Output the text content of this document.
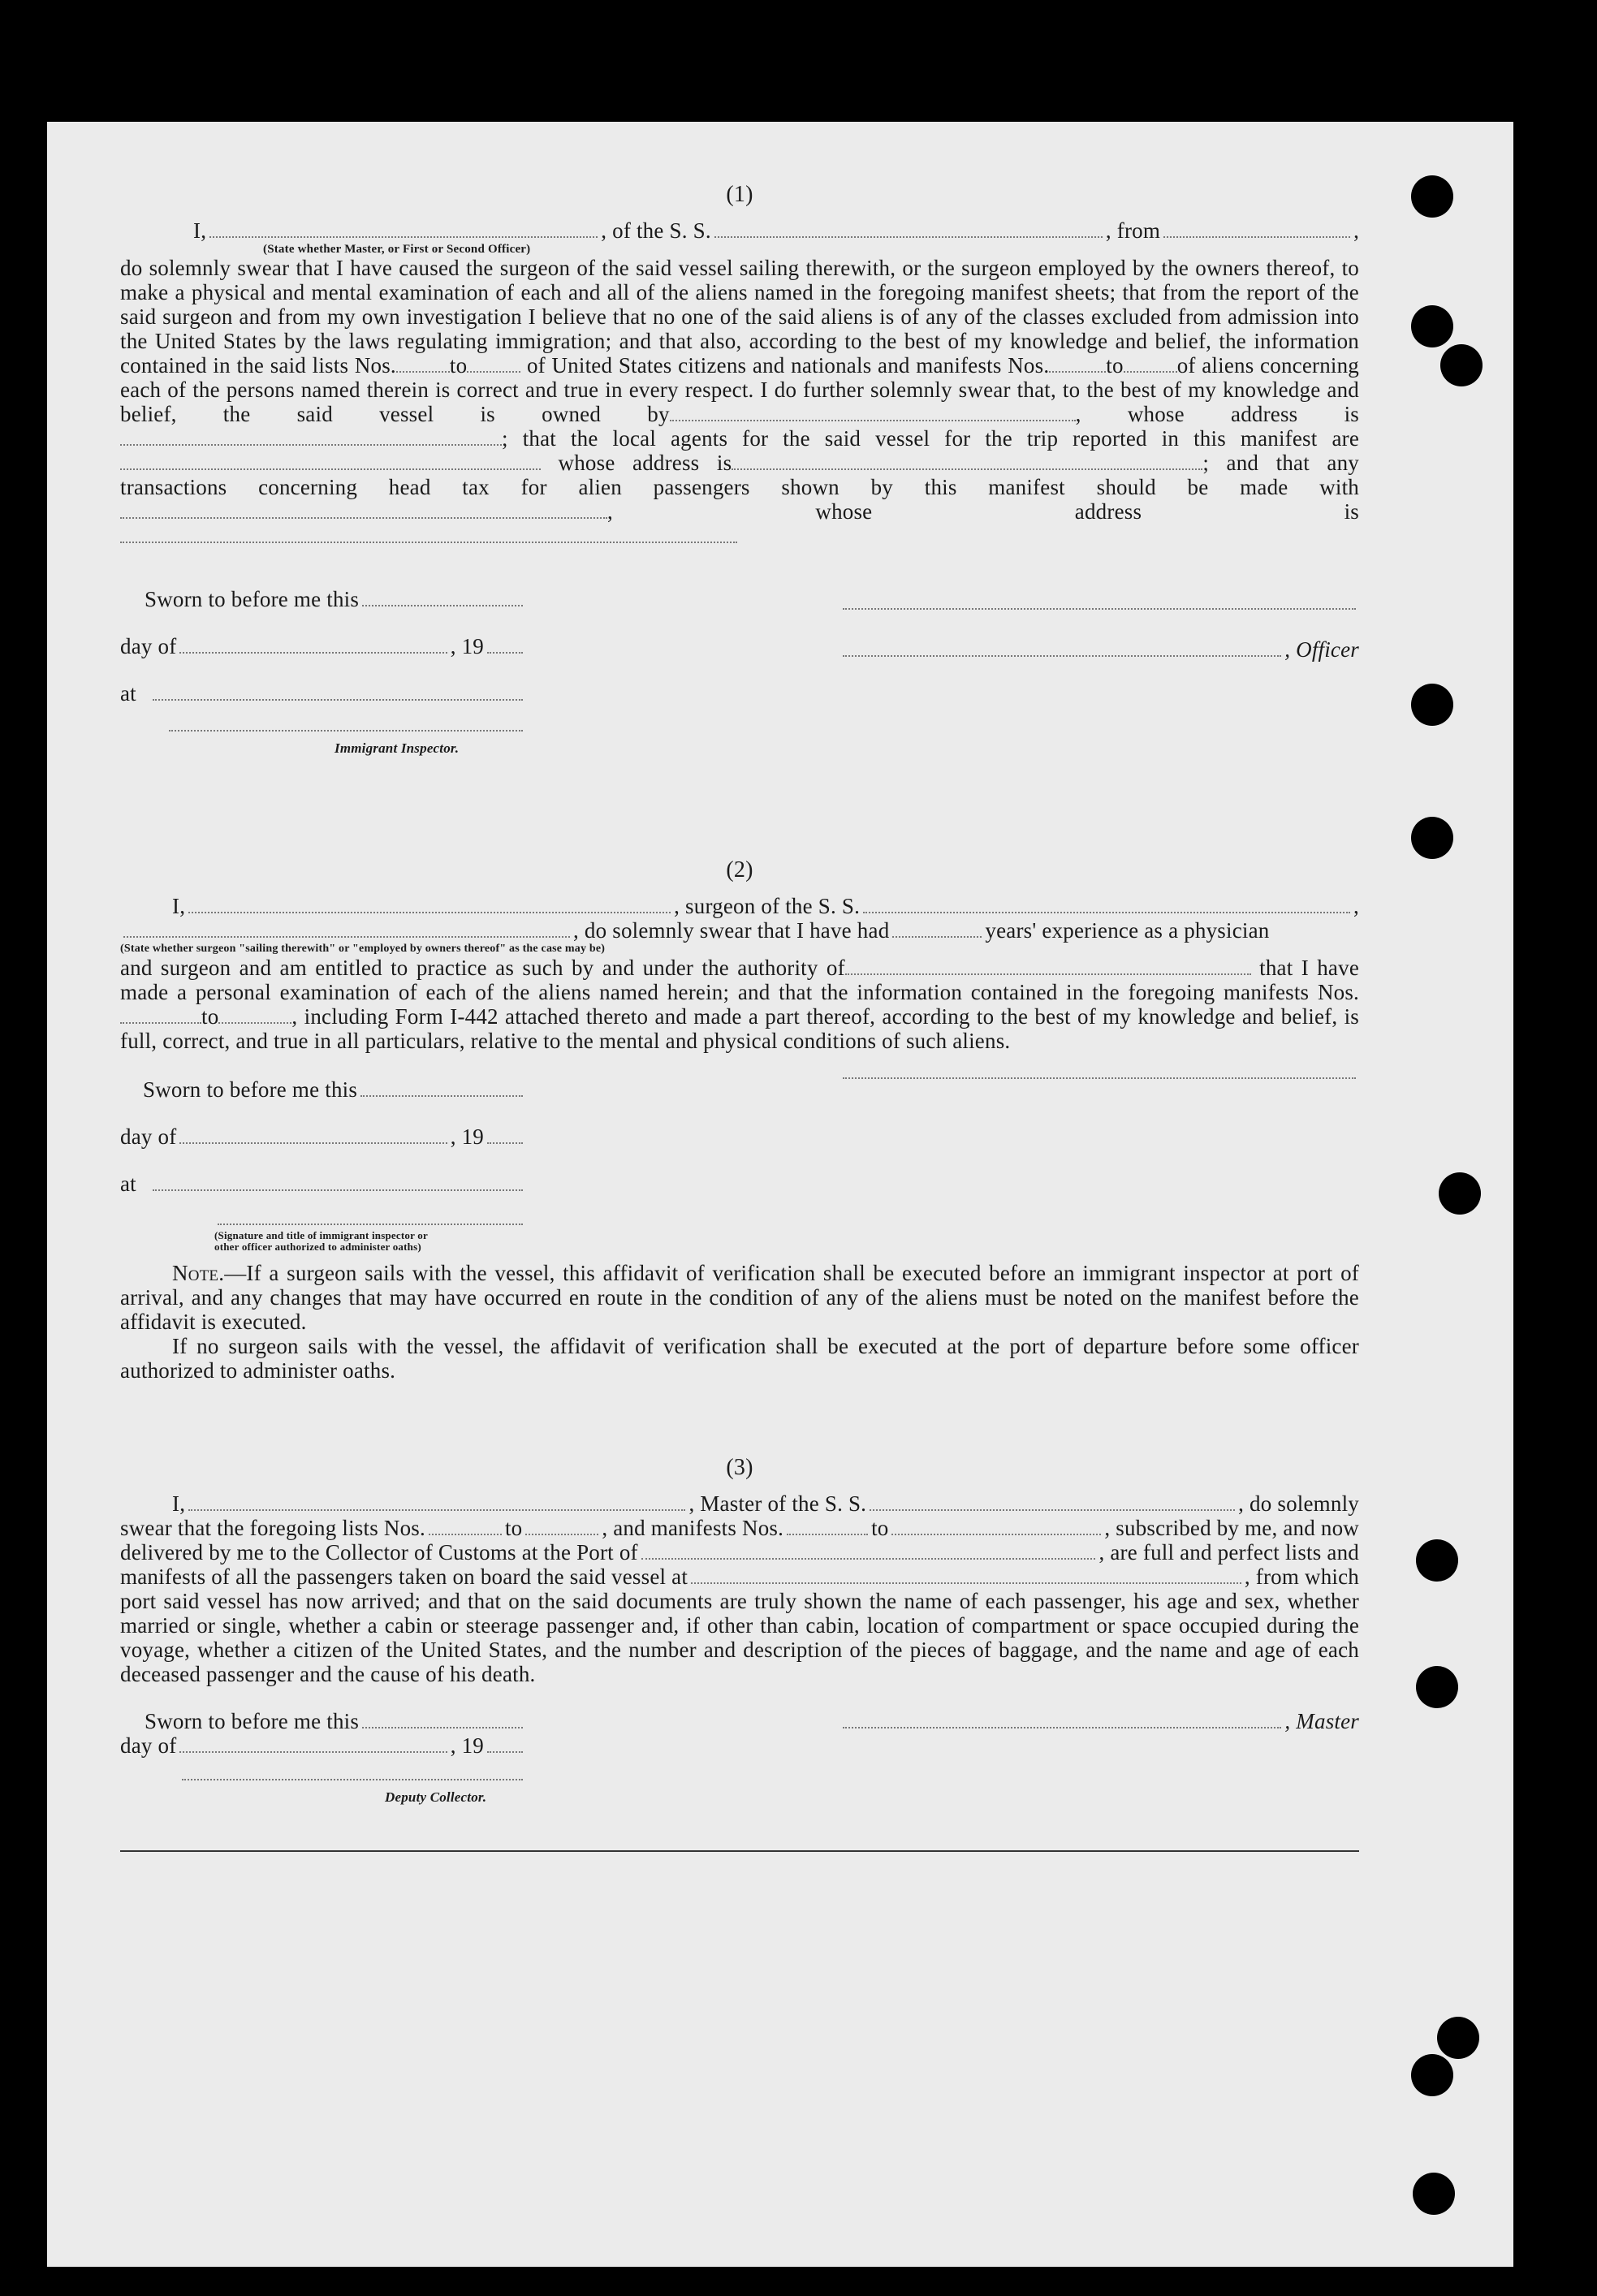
(1)
I,	, of the S. S.	, from	,
(State whether Master, or First or Second Officer)

do solemnly swear that I have caused the surgeon of the said vessel sailing therewith, or the surgeon employed by the owners thereof, to make a physical and mental examination of each and all of the aliens named in the foregoing manifest sheets; that from the report of the said surgeon and from my own investigation I believe that no one of the said aliens is of any of the classes excluded from admission into the United States by the laws regulating immigration; and that also, according to the best of my knowledge and belief, the information contained in the said lists Nos. to	of United States citizens and nationals and manifests Nos.	to of aliens concerning each of the persons named therein is correct and true in every respect. I do further solemnly swear that, to the best of my knowledge and belief, the said vessel is owned by	, whose address is; that the local agents for the said vessel for the trip reported in this manifest are whose address is	; and that any transactions concerning head tax for alien passengers shown by this manifest should be made with, whose address is

Sworn to before me this
day of	, 19
at
Immigrant Inspector.
, Officer
(2)
I,	, surgeon of the S. S.	,
, do solemnly swear that I have had	years' experience as a physician
(State whether surgeon "sailing therewith" or "employed by owners thereof" as the case may be)

and surgeon and am entitled to practice as such by and under the authority of	that I have made a personal examination of each of the aliens named herein; and that the information contained in the foregoing manifests Nos.to	, including Form I-442 attached thereto and made a part thereof, according to the best of my knowledge and belief, is full, correct, and true in all particulars, relative to the mental and physical conditions of such aliens.

Sworn to before me this
day of	, 19
at
(Signature and title of immigrant inspector or
other officer authorized to administer oaths)

Note.—If a surgeon sails with the vessel, this affidavit of verification shall be executed before an immigrant inspector at port of arrival, and any changes that may have occurred en route in the condition of any of the aliens must be noted on the manifest before the affidavit is executed.

If no surgeon sails with the vessel, the affidavit of verification shall be executed at the port of departure before some officer authorized to administer oaths.

(3)
I,	, Master of the S. S.	, do solemnly
swear that the foregoing lists Nos.	to	, and manifests Nos.	to	, subscribed by me, and now
delivered by me to the Collector of Customs at the Port of	, are full and perfect lists and
manifests of all the passengers taken on board the said vessel at	, from which

port said vessel has now arrived; and that on the said documents are truly shown the name of each passenger, his age and sex, whether married or single, whether a cabin or steerage passenger and, if other than cabin, location of compartment or space occupied during the voyage, whether a citizen of the United States, and the number and description of the pieces of baggage, and the name and age of each deceased passenger and the cause of his death.

Sworn to before me this
day of	, 19
Deputy Collector.
, Master
